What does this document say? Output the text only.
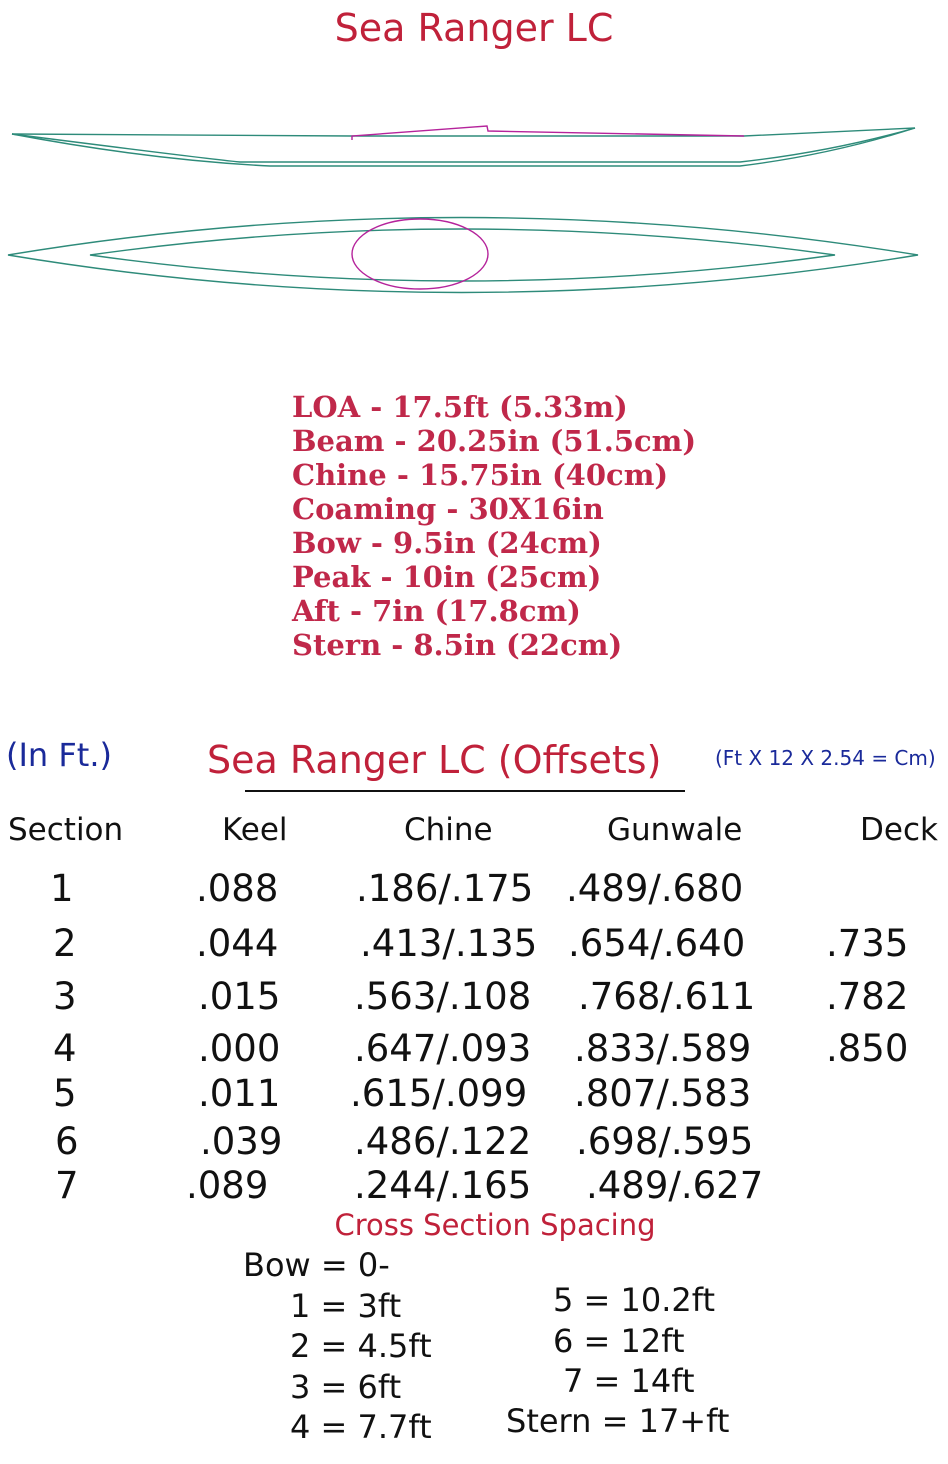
Sea Ranger LC
LOA - 17.5ft (5.33m)
Beam - 20.25in (51.5cm)
Chine - 15.75in (40cm)
Coaming - 30X16in
Bow - 9.5in (24cm)
Peak - 10in (25cm)
Aft - 7in (17.8cm)
Stern - 8.5in (22cm)
(In Ft.)	Sea Ranger LC (Offsets)	(Ft X 12 X 2.54 = Cm)
Section	Keel	Chine	Gunwale	Deck
1	.088 .186/.175 .489/.680
2	.044 .413/.135 .654/.640 .735
3	.015 .563/.108 .768/.611 .782
4	.000 .647/.093 .833/.589 .850
5	.011 .615/.099 .807/.583
6	.039 .486/.122 .698/.595
7	.089 .244/.165 .489/.627
Cross Section Spacing
Bow = 0-
1 = 3ft
2 = 4.5ft
3 = 6ft
4 = 7.7ft
5 = 10.2ft
6 = 12ft
7 = 14ft
Stern = 17+ft
